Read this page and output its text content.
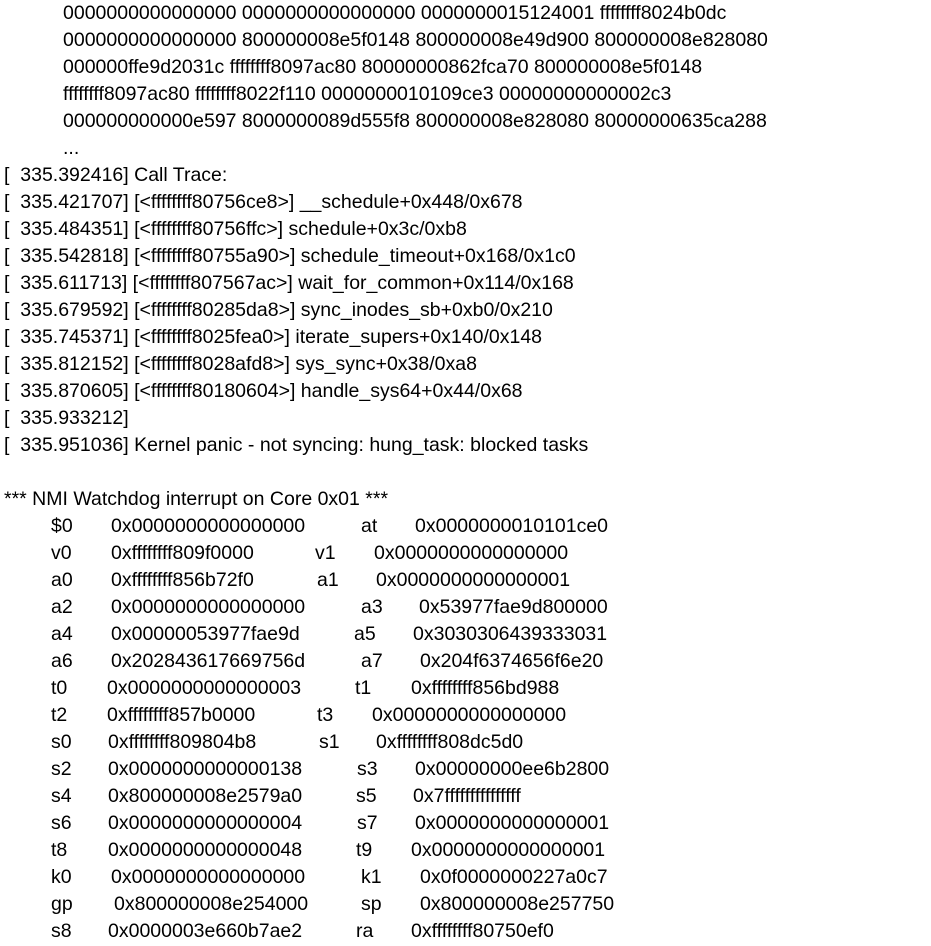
0000000000000000 0000000000000000 0000000015124001 ffffffff8024b0dc
0000000000000000 800000008e5f0148 800000008e49d900 800000008e828080
000000ffe9d2031c ffffffff8097ac80 80000000862fca70 800000008e5f0148
ffffffff8097ac80 ffffffff8022f110 0000000010109ce3 00000000000002c3
000000000000e597 8000000089d555f8 800000008e828080 80000000635ca288
...
[  335.392416] Call Trace:
[  335.421707] [<ffffffff80756ce8>] __schedule+0x448/0x678
[  335.484351] [<ffffffff80756ffc>] schedule+0x3c/0xb8
[  335.542818] [<ffffffff80755a90>] schedule_timeout+0x168/0x1c0
[  335.611713] [<ffffffff807567ac>] wait_for_common+0x114/0x168
[  335.679592] [<ffffffff80285da8>] sync_inodes_sb+0xb0/0x210
[  335.745371] [<ffffffff8025fea0>] iterate_supers+0x140/0x148
[  335.812152] [<ffffffff8028afd8>] sys_sync+0x38/0xa8
[  335.870605] [<ffffffff80180604>] handle_sys64+0x44/0x68
[  335.933212]
[  335.951036] Kernel panic - not syncing: hung_task: blocked tasks
*** NMI Watchdog interrupt on Core 0x01 ***
$0 0x0000000000000000	at 0x0000000010101ce0
v0 0xffffffff809f0000	v1 0x0000000000000000
a0 0xffffffff856b72f0	a1 0x0000000000000001
a2 0x0000000000000000	a3 0x53977fae9d800000
a4 0x00000053977fae9d	a5 0x3030306439333031
a6 0x202843617669756d	a7 0x204f6374656f6e20
t0 0x0000000000000003	t1 0xffffffff856bd988
t2 0xffffffff857b0000	t3 0x0000000000000000
s0 0xffffffff809804b8	s1 0xffffffff808dc5d0
s2 0x0000000000000138	s3 0x00000000ee6b2800
s4 0x800000008e2579a0	s5 0x7fffffffffffffff
s6 0x0000000000000004	s7 0x0000000000000001
t8 0x0000000000000048	t9 0x0000000000000001
k0 0x0000000000000000	k1 0x0f0000000227a0c7
gp 0x800000008e254000	sp 0x800000008e257750
s8 0x0000003e660b7ae2	ra 0xffffffff80750ef0
